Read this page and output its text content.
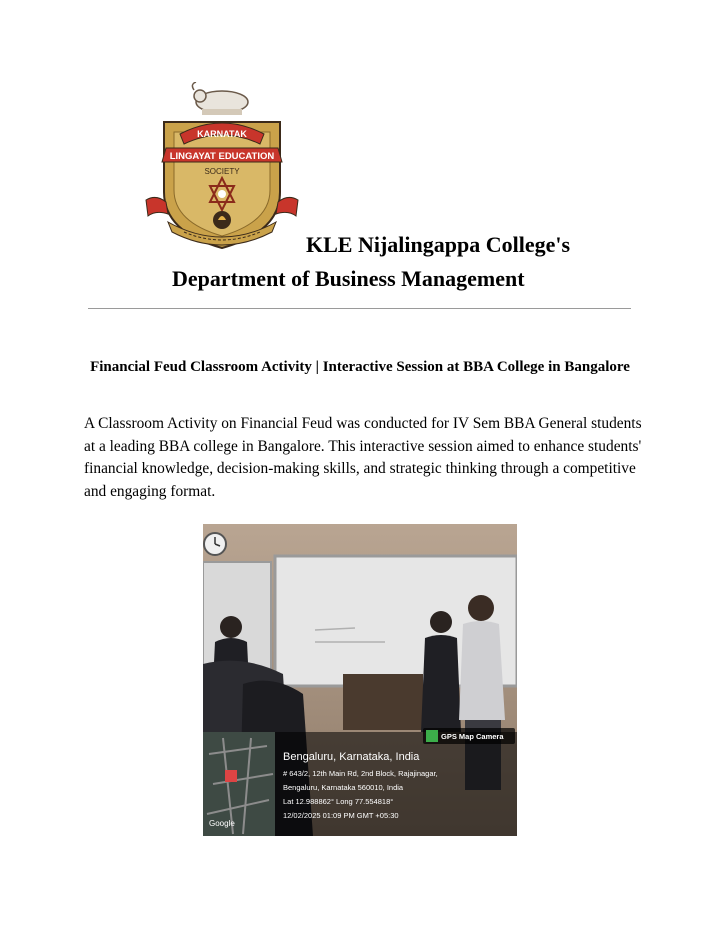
KARNATAK
LINGAYAT EDUCATION
SOCIETY
KLE Nijalingappa College's
Department of Business Management
Financial Feud Classroom Activity | Interactive Session at BBA College in Bangalore
A Classroom Activity on Financial Feud was conducted for IV Sem BBA General students at a leading BBA college in Bangalore. This interactive session aimed to enhance students' financial knowledge, decision-making skills, and strategic thinking through a competitive and engaging format.
Google
GPS Map Camera
Bengaluru, Karnataka, India
# 643/2, 12th Main Rd, 2nd Block, Rajajinagar,
Bengaluru, Karnataka 560010, India
Lat 12.988862° Long 77.554818°
12/02/2025 01:09 PM GMT +05:30
